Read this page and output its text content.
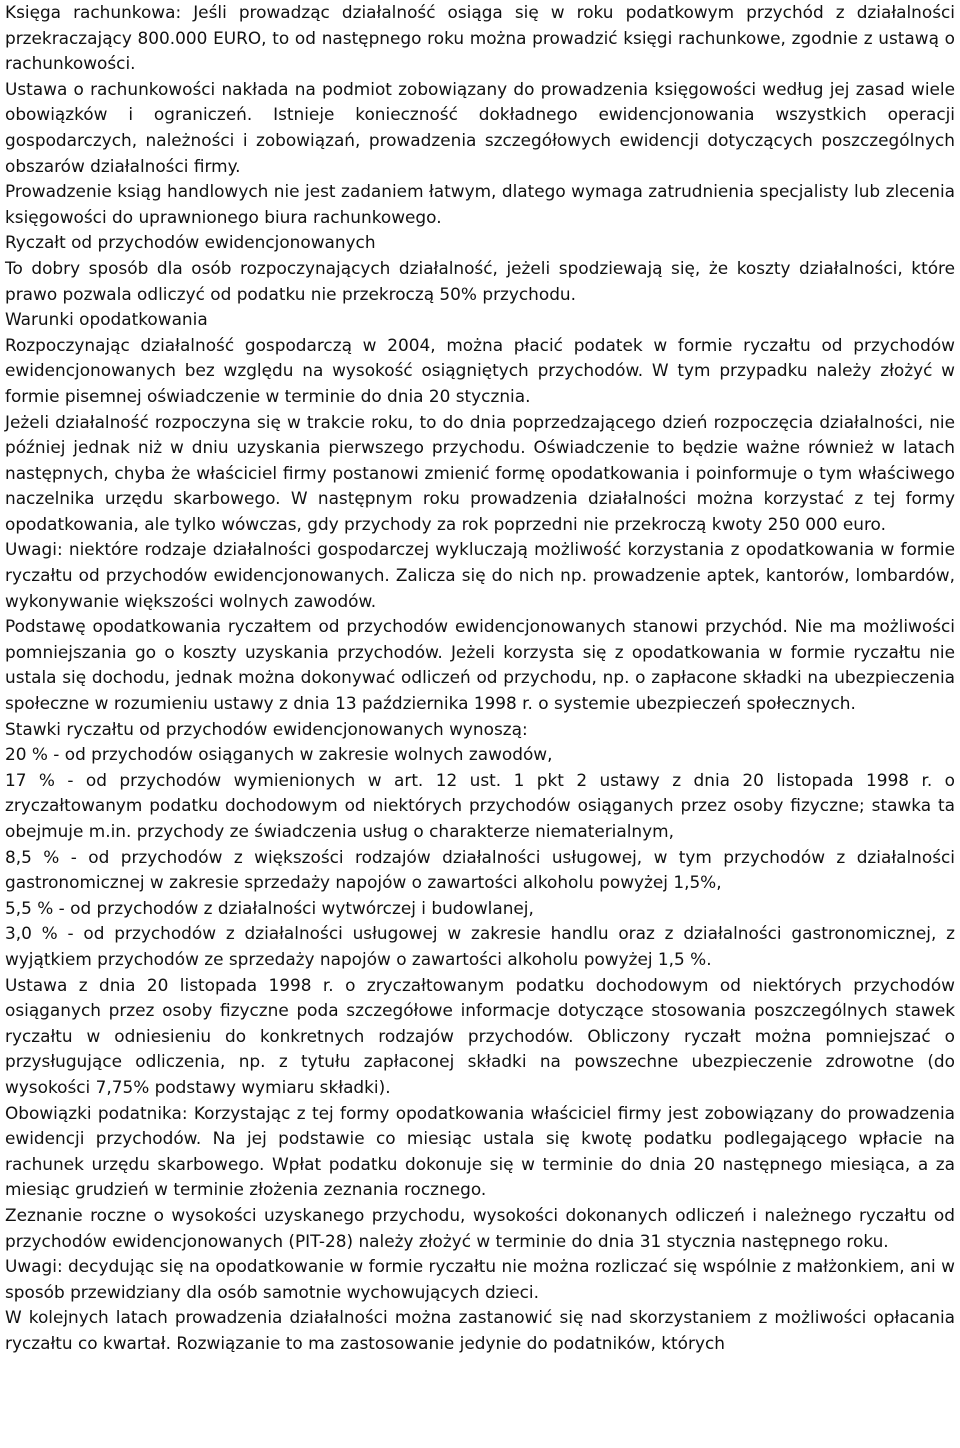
Księga rachunkowa: Jeśli prowadząc działalność osiąga się w roku podatkowym przychód z działalności przekraczający 800.000 EURO, to od następnego roku można prowadzić księgi rachunkowe, zgodnie z ustawą o rachunkowości.

Ustawa o rachunkowości nakłada na podmiot zobowiązany do prowadzenia księgowości według jej zasad wiele obowiązków i ograniczeń. Istnieje konieczność dokładnego ewidencjonowania wszystkich operacji gospodarczych, należności i zobowiązań, prowadzenia szczegółowych ewidencji dotyczących poszczególnych obszarów działalności firmy.

Prowadzenie ksiąg handlowych nie jest zadaniem łatwym, dlatego wymaga zatrudnienia specjalisty lub zlecenia księgowości do uprawnionego biura rachunkowego.

Ryczałt od przychodów ewidencjonowanych

To dobry sposób dla osób rozpoczynających działalność, jeżeli spodziewają się, że koszty działalności, które prawo pozwala odliczyć od podatku nie przekroczą 50% przychodu.

Warunki opodatkowania

Rozpoczynając działalność gospodarczą w 2004, można płacić podatek w formie ryczałtu od przychodów ewidencjonowanych bez względu na wysokość osiągniętych przychodów. W tym przypadku należy złożyć w formie pisemnej oświadczenie w terminie do dnia 20 stycznia.

Jeżeli działalność rozpoczyna się w trakcie roku, to do dnia poprzedzającego dzień rozpoczęcia działalności, nie później jednak niż w dniu uzyskania pierwszego przychodu. Oświadczenie to będzie ważne również w latach następnych, chyba że właściciel firmy postanowi zmienić formę opodatkowania i poinformuje o tym właściwego naczelnika urzędu skarbowego. W następnym roku prowadzenia działalności można korzystać z tej formy opodatkowania, ale tylko wówczas, gdy przychody za rok poprzedni nie przekroczą kwoty 250 000 euro.

Uwagi: niektóre rodzaje działalności gospodarczej wykluczają możliwość korzystania z opodatkowania w formie ryczałtu od przychodów ewidencjonowanych. Zalicza się do nich np. prowadzenie aptek, kantorów, lombardów, wykonywanie większości wolnych zawodów.

Podstawę opodatkowania ryczałtem od przychodów ewidencjonowanych stanowi przychód. Nie ma możliwości pomniejszania go o koszty uzyskania przychodów. Jeżeli korzysta się z opodatkowania w formie ryczałtu nie ustala się dochodu, jednak można dokonywać odliczeń od przychodu, np. o zapłacone składki na ubezpieczenia społeczne w rozumieniu ustawy z dnia 13 października 1998 r. o systemie ubezpieczeń społecznych.

Stawki ryczałtu od przychodów ewidencjonowanych wynoszą:

20 % - od przychodów osiąganych w zakresie wolnych zawodów,

17 % - od przychodów wymienionych w art. 12 ust. 1 pkt 2 ustawy z dnia 20 listopada 1998 r. o zryczałtowanym podatku dochodowym od niektórych przychodów osiąganych przez osoby fizyczne; stawka ta obejmuje m.in. przychody ze świadczenia usług o charakterze niematerialnym,

8,5 % - od przychodów z większości rodzajów działalności usługowej, w tym przychodów z działalności gastronomicznej w zakresie sprzedaży napojów o zawartości alkoholu powyżej 1,5%,

5,5 % - od przychodów z działalności wytwórczej i budowlanej,

3,0 % - od przychodów z działalności usługowej w zakresie handlu oraz z działalności gastronomicznej, z wyjątkiem przychodów ze sprzedaży napojów o zawartości alkoholu powyżej 1,5 %.

Ustawa z dnia 20 listopada 1998 r. o zryczałtowanym podatku dochodowym od niektórych przychodów osiąganych przez osoby fizyczne poda szczegółowe informacje dotyczące stosowania poszczególnych stawek ryczałtu w odniesieniu do konkretnych rodzajów przychodów. Obliczony ryczałt można pomniejszać o przysługujące odliczenia, np. z tytułu zapłaconej składki na powszechne ubezpieczenie zdrowotne (do wysokości 7,75% podstawy wymiaru składki).

Obowiązki podatnika: Korzystając z tej formy opodatkowania właściciel firmy jest zobowiązany do prowadzenia ewidencji przychodów. Na jej podstawie co miesiąc ustala się kwotę podatku podlegającego wpłacie na rachunek urzędu skarbowego. Wpłat podatku dokonuje się w terminie do dnia 20 następnego miesiąca, a za miesiąc grudzień w terminie złożenia zeznania rocznego.

Zeznanie roczne o wysokości uzyskanego przychodu, wysokości dokonanych odliczeń i należnego ryczałtu od przychodów ewidencjonowanych (PIT-28) należy złożyć w terminie do dnia 31 stycznia następnego roku.

Uwagi: decydując się na opodatkowanie w formie ryczałtu nie można rozliczać się wspólnie z małżonkiem, ani w sposób przewidziany dla osób samotnie wychowujących dzieci.

W kolejnych latach prowadzenia działalności można zastanowić się nad skorzystaniem z możliwości opłacania ryczałtu co kwartał. Rozwiązanie to ma zastosowanie jedynie do podatników, których
